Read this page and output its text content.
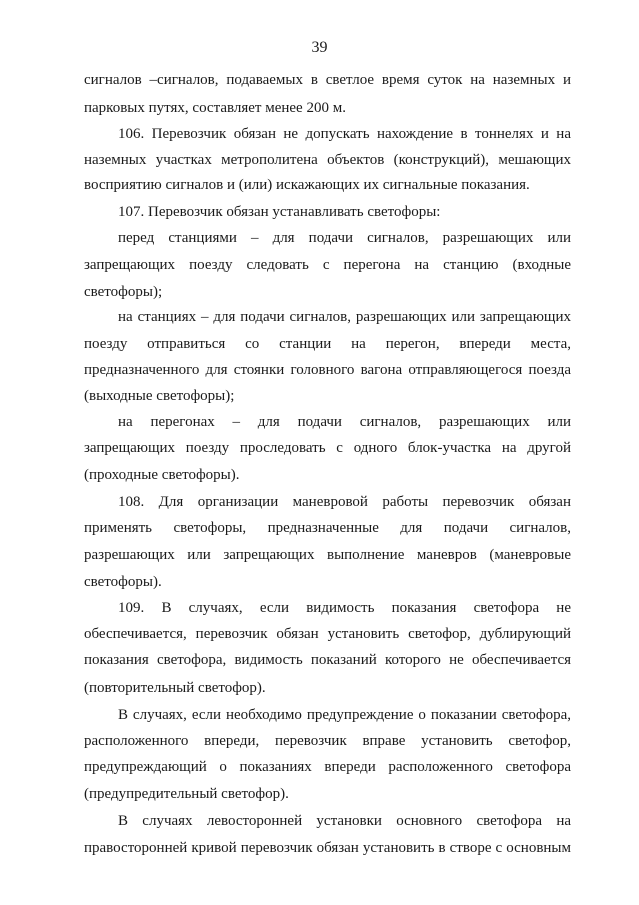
39
сигналов –сигналов, подаваемых в светлое время суток на наземных и
парковых путях, составляет менее 200 м.
106. Перевозчик обязан не допускать нахождение в тоннелях и на
наземных участках метрополитена объектов (конструкций), мешающих
восприятию сигналов и (или) искажающих их сигнальные показания.
107. Перевозчик обязан устанавливать светофоры:
перед станциями – для подачи сигналов, разрешающих или
запрещающих поезду следовать с перегона на станцию (входные
светофоры);
на станциях – для подачи сигналов, разрешающих или запрещающих
поезду отправиться со станции на перегон, впереди места,
предназначенного для стоянки головного вагона отправляющегося поезда
(выходные светофоры);
на перегонах – для подачи сигналов, разрешающих или
запрещающих поезду проследовать с одного блок-участка на другой
(проходные светофоры).
108. Для организации маневровой работы перевозчик обязан
применять светофоры, предназначенные для подачи сигналов,
разрешающих или запрещающих выполнение маневров (маневровые
светофоры).
109. В случаях, если видимость показания светофора не
обеспечивается, перевозчик обязан установить светофор, дублирующий
показания светофора, видимость показаний которого не обеспечивается
(повторительный светофор).
В случаях, если необходимо предупреждение о показании светофора,
расположенного впереди, перевозчик вправе установить светофор,
предупреждающий о показаниях впереди расположенного светофора
(предупредительный светофор).
В случаях левосторонней установки основного светофора на
правосторонней кривой перевозчик обязан установить в створе с основным
